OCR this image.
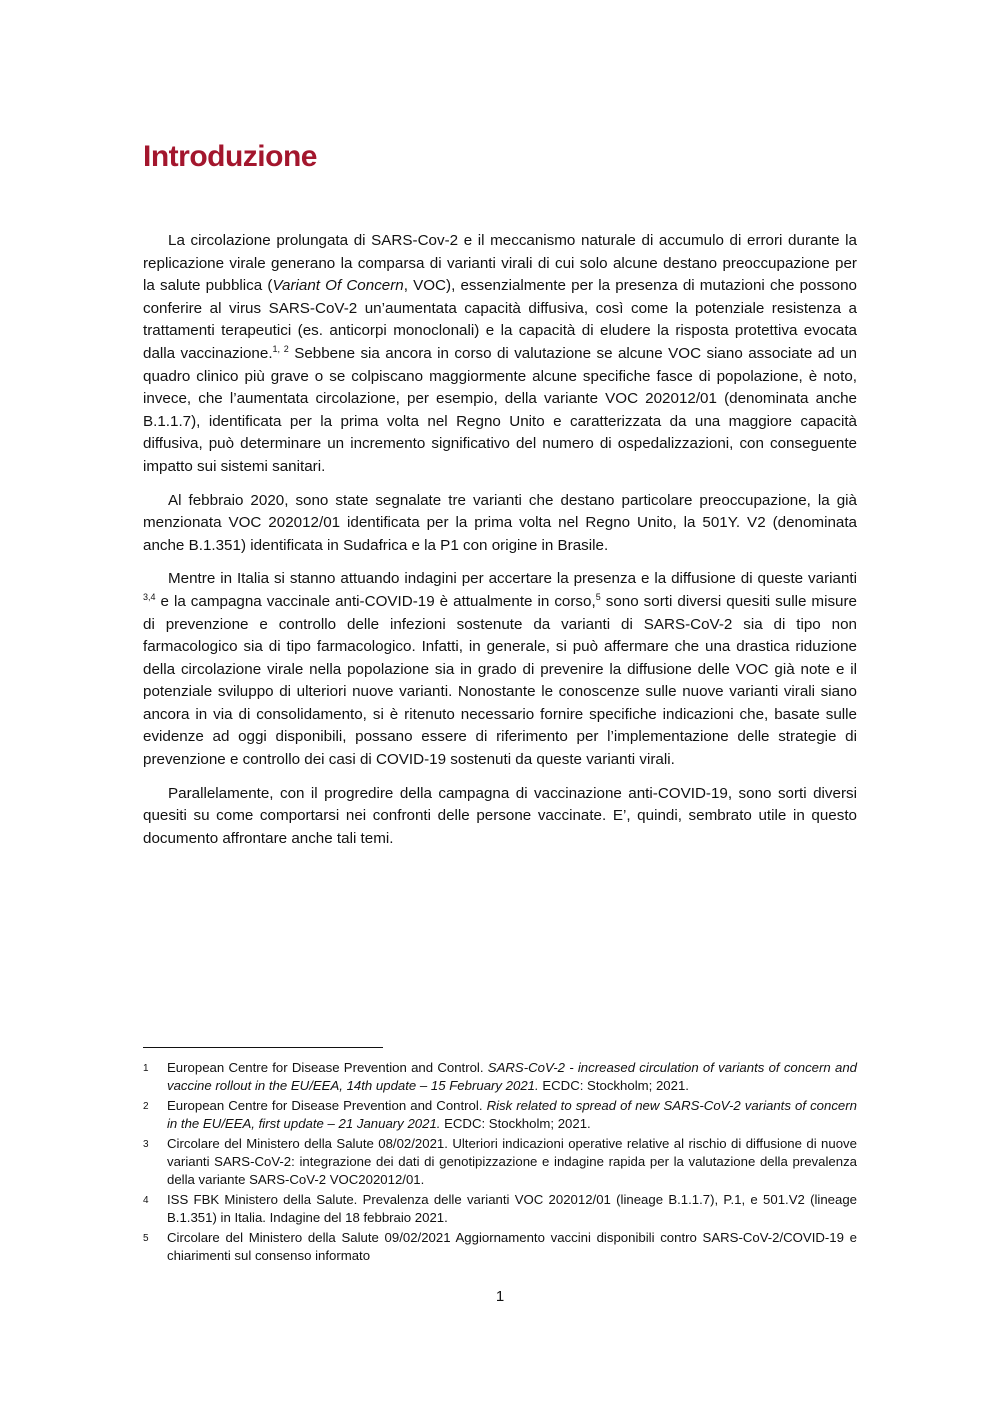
Introduzione

La circolazione prolungata di SARS-Cov-2 e il meccanismo naturale di accumulo di errori durante la replicazione virale generano la comparsa di varianti virali di cui solo alcune destano preoccupazione per la salute pubblica (Variant Of Concern, VOC), essenzialmente per la presenza di mutazioni che possono conferire al virus SARS-CoV-2 un’aumentata capacità diffusiva, così come la potenziale resistenza a trattamenti terapeutici (es. anticorpi monoclonali) e la capacità di eludere la risposta protettiva evocata dalla vaccinazione.$^{1, 2}$ Sebbene sia ancora in corso di valutazione se alcune VOC siano associate ad un quadro clinico più grave o se colpiscano maggiormente alcune specifiche fasce di popolazione, è noto, invece, che l’aumentata circolazione, per esempio, della variante VOC 202012/01 (denominata anche B.1.1.7), identificata per la prima volta nel Regno Unito e caratterizzata da una maggiore capacità diffusiva, può determinare un incremento significativo del numero di ospedalizzazioni, con conseguente impatto sui sistemi sanitari.

Al febbraio 2020, sono state segnalate tre varianti che destano particolare preoccupazione, la già menzionata VOC 202012/01 identificata per la prima volta nel Regno Unito, la 501Y. V2 (denominata anche B.1.351) identificata in Sudafrica e la P1 con origine in Brasile.

Mentre in Italia si stanno attuando indagini per accertare la presenza e la diffusione di queste varianti $^{3,4}$ e la campagna vaccinale anti-COVID-19 è attualmente in corso,$^5$ sono sorti diversi quesiti sulle misure di prevenzione e controllo delle infezioni sostenute da varianti di SARS-CoV-2 sia di tipo non farmacologico sia di tipo farmacologico. Infatti, in generale, si può affermare che una drastica riduzione della circolazione virale nella popolazione sia in grado di prevenire la diffusione delle VOC già note e il potenziale sviluppo di ulteriori nuove varianti. Nonostante le conoscenze sulle nuove varianti virali siano ancora in via di consolidamento, si è ritenuto necessario fornire specifiche indicazioni che, basate sulle evidenze ad oggi disponibili, possano essere di riferimento per l’implementazione delle strategie di prevenzione e controllo dei casi di COVID-19 sostenuti da queste varianti virali.

Parallelamente, con il progredire della campagna di vaccinazione anti-COVID-19, sono sorti diversi quesiti su come comportarsi nei confronti delle persone vaccinate. E’, quindi, sembrato utile in questo documento affrontare anche tali temi.

1	European Centre for Disease Prevention and Control. SARS-CoV-2 - increased circulation of variants of concern and vaccine rollout in the EU/EEA, 14th update – 15 February 2021. ECDC: Stockholm; 2021.
2	European Centre for Disease Prevention and Control. Risk related to spread of new SARS-CoV-2 variants of concern in the EU/EEA, first update – 21 January 2021. ECDC: Stockholm; 2021.
3	Circolare del Ministero della Salute 08/02/2021. Ulteriori indicazioni operative relative al rischio di diffusione di nuove varianti SARS-CoV-2: integrazione dei dati di genotipizzazione e indagine rapida per la valutazione della prevalenza della variante SARS-CoV-2 VOC202012/01.
4	ISS FBK Ministero della Salute. Prevalenza delle varianti VOC 202012/01 (lineage B.1.1.7), P.1, e 501.V2 (lineage B.1.351) in Italia. Indagine del 18 febbraio 2021.
5	Circolare del Ministero della Salute 09/02/2021 Aggiornamento vaccini disponibili contro SARS-CoV-2/COVID-19 e chiarimenti sul consenso informato
1
